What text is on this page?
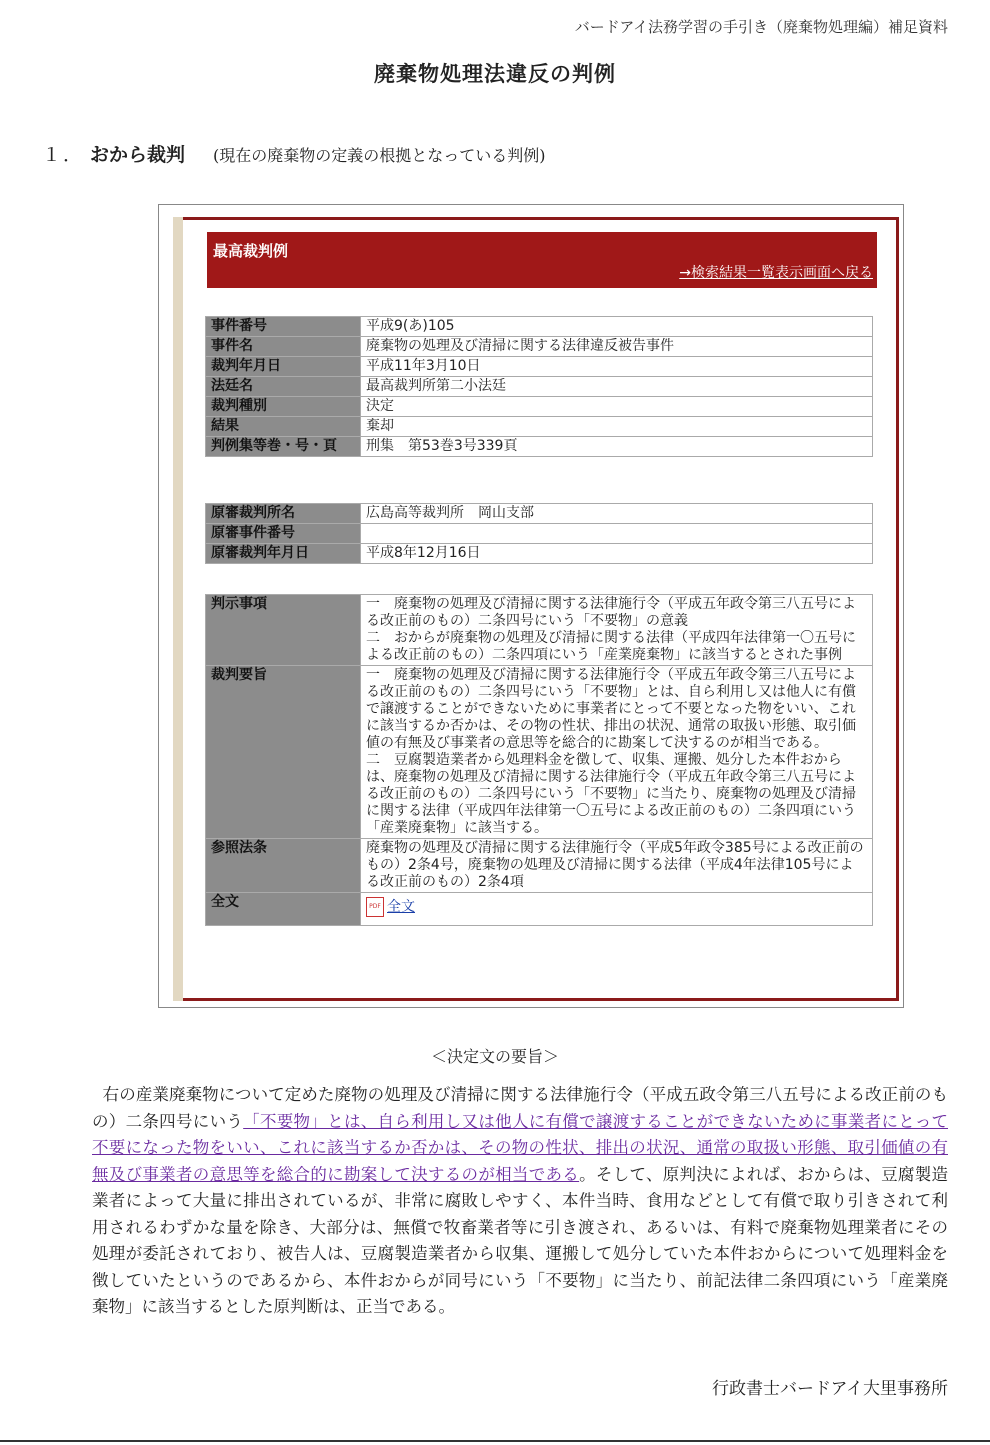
バードアイ法務学習の手引き（廃棄物処理編）補足資料
廃棄物処理法違反の判例
１． おから裁判 (現在の廃棄物の定義の根拠となっている判例)
最高裁判例
→検索結果一覧表示画面へ戻る
事件番号	平成9(あ)105
事件名	廃棄物の処理及び清掃に関する法律違反被告事件
裁判年月日	平成11年3月10日
法廷名	最高裁判所第二小法廷
裁判種別	決定
結果	棄却
判例集等巻・号・頁	刑集　第53巻3号339頁
原審裁判所名	広島高等裁判所　岡山支部
原審事件番号	
原審裁判年月日	平成8年12月16日
判示事項	一　廃棄物の処理及び清掃に関する法律施行令（平成五年政令第三八五号による改正前のもの）二条四号にいう「不要物」の意義
二　おからが廃棄物の処理及び清掃に関する法律（平成四年法律第一〇五号による改正前のもの）二条四項にいう「産業廃棄物」に該当するとされた事例
裁判要旨	一　廃棄物の処理及び清掃に関する法律施行令（平成五年政令第三八五号による改正前のもの）二条四号にいう「不要物」とは、自ら利用し又は他人に有償で譲渡することができないために事業者にとって不要となった物をいい、これに該当するか否かは、その物の性状、排出の状況、通常の取扱い形態、取引価値の有無及び事業者の意思等を総合的に勘案して決するのが相当である。
二　豆腐製造業者から処理料金を徴して、収集、運搬、処分した本件おからは、廃棄物の処理及び清掃に関する法律施行令（平成五年政令第三八五号による改正前のもの）二条四号にいう「不要物」に当たり、廃棄物の処理及び清掃に関する法律（平成四年法律第一〇五号による改正前のもの）二条四項にいう「産業廃棄物」に該当する。
参照法条	廃棄物の処理及び清掃に関する法律施行令（平成5年政令385号による改正前のもの）2条4号，廃棄物の処理及び清掃に関する法律（平成4年法律105号による改正前のもの）2条4項
全文	PDF 全文
＜決定文の要旨＞
右の産業廃棄物について定めた廃物の処理及び清掃に関する法律施行令（平成五政令第三八五号による改正前のも　の）二条四号にいう「不要物」とは、自ら利用し又は他人に有償で譲渡することができないために事業者にとって不要になった物をいい、これに該当するか否かは、その物の性状、排出の状況、通常の取扱い形態、取引価値の有無及び事業者の意思等を総合的に勘案して決するのが相当である。そして、原判決によれば、おからは、豆腐製造業者によって大量に排出されているが、非常に腐敗しやすく、本件当時、食用などとして有償で取り引きされて利用されるわずかな量を除き、大部分は、無償で牧畜業者等に引き渡され、あるいは、有料で廃棄物処理業者にその処理が委託されており、被告人は、豆腐製造業者から収集、運搬して処分していた本件おからについて処理料金を徴していたというのであるから、本件おからが同号にいう「不要物」に当たり、前記法律二条四項にいう「産業廃棄物」に該当するとした原判断は、正当である。
行政書士バードアイ大里事務所
